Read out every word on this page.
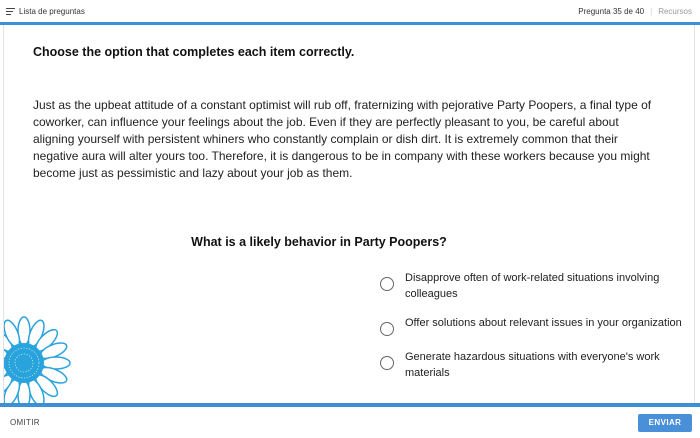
Lista de preguntas	Pregunta 35 de 40 | Recursos
Choose the option that completes each item correctly.
Just as the upbeat attitude of a constant optimist will rub off, fraternizing with pejorative Party Poopers, a final type of coworker, can influence your feelings about the job. Even if they are perfectly pleasant to you, be careful about aligning yourself with persistent whiners who constantly complain or dish dirt. It is extremely common that their negative aura will alter yours too. Therefore, it is dangerous to be in company with these workers because you might become just as pessimistic and lazy about your job as them.
What is a likely behavior in Party Poopers?
Disapprove often of work-related situations involving colleagues
Offer solutions about relevant issues in your organization
Generate hazardous situations with everyone's work materials
OMITIR	ENVIAR
